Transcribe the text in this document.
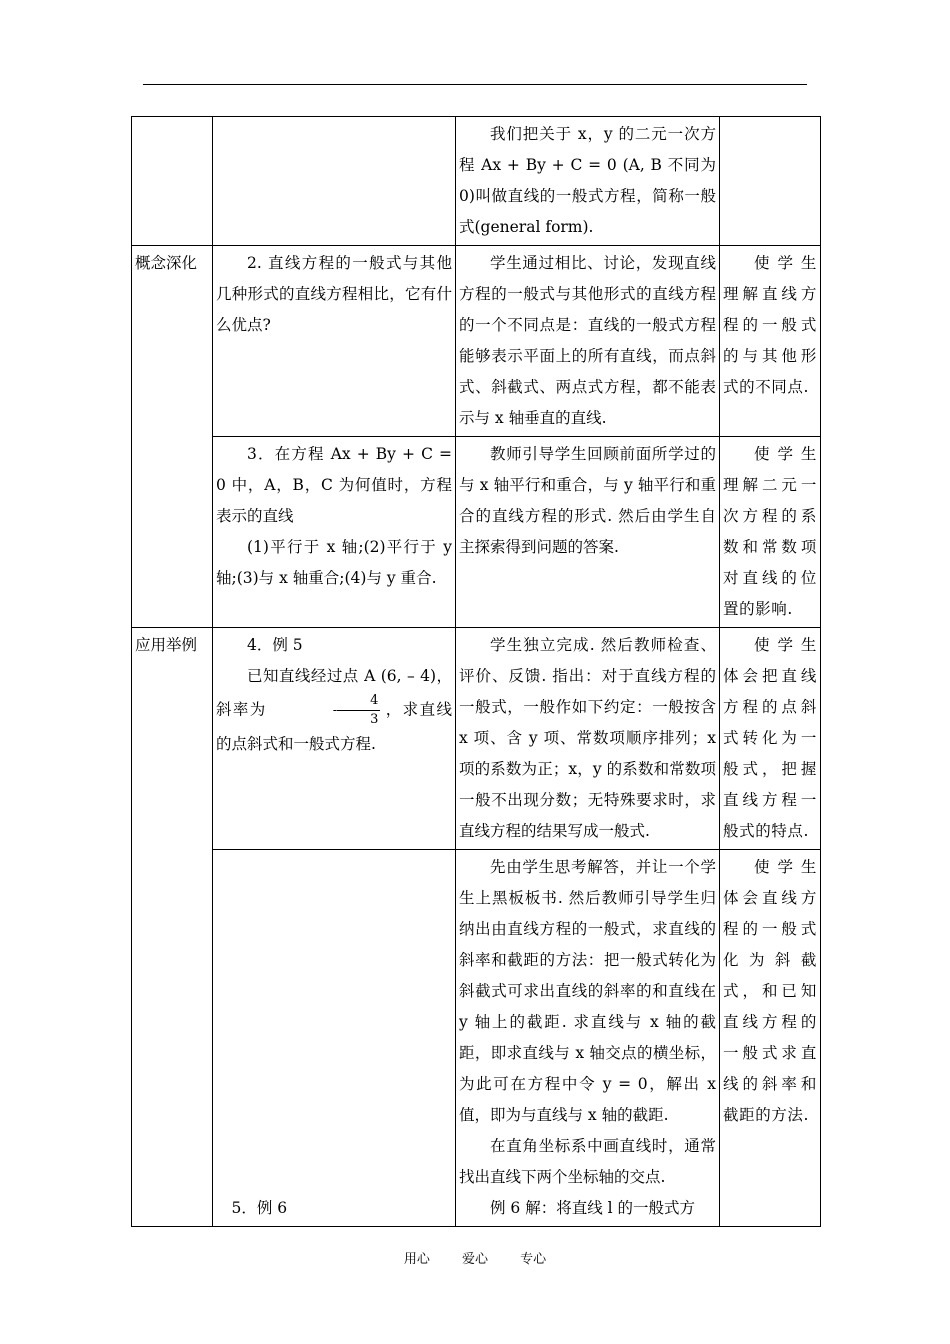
		我们把关于 x，y 的二元一次方程 Ax + By + C = 0 (A, B 不同为 0)叫做直线的一般式方程，简称一般式(general form).	

概念深化	2. 直线方程的一般式与其他几种形式的直线方程相比，它有什么优点?	学生通过相比、讨论，发现直线方程的一般式与其他形式的直线方程的一个不同点是：直线的一般式方程能够表示平面上的所有直线，而点斜式、斜截式、两点式方程，都不能表示与 x 轴垂直的直线.	使学生理解直线方程的一般式的与其他形式的不同点.

	3．在方程 Ax + By + C = 0 中，A，B，C 为何值时，方程表示的直线
(1)平行于 x 轴;(2)平行于 y 轴;(3)与 x 轴重合;(4)与 y 重合.	教师引导学生回顾前面所学过的与 x 轴平行和重合，与 y 轴平行和重合的直线方程的形式. 然后由学生自主探索得到问题的答案.	使学生理解二元一次方程的系数和常数项对直线的位置的影响.

应用举例	4．例 5
已知直线经过点 A (6, – 4)，斜率为 - $\frac{4}{3}$ ，求直线的点斜式和一般式方程.	学生独立完成. 然后教师检查、评价、反馈. 指出：对于直线方程的一般式，一般作如下约定：一般按含 x 项、含 y 项、常数项顺序排列；x 项的系数为正；x，y 的系数和常数项一般不出现分数；无特殊要求时，求直线方程的结果写成一般式.	使学生体会把直线方程的点斜式转化为一般式，把握直线方程一般式的特点.

	5．例 6	先由学生思考解答，并让一个学生上黑板板书. 然后教师引导学生归纳出由直线方程的一般式，求直线的斜率和截距的方法：把一般式转化为斜截式可求出直线的斜率的和直线在 y 轴上的截距. 求直线与 x 轴的截距，即求直线与 x 轴交点的横坐标，为此可在方程中令 y = 0，解出 x 值，即为与直线与 x 轴的截距.
在直角坐标系中画直线时，通常找出直线下两个坐标轴的交点.
例 6 解：将直线 l 的一般式方	使学生体会直线方程的一般式化为斜截式，和已知直线方程的一般式求直线的斜率和截距的方法.
用心 爱心 专心
